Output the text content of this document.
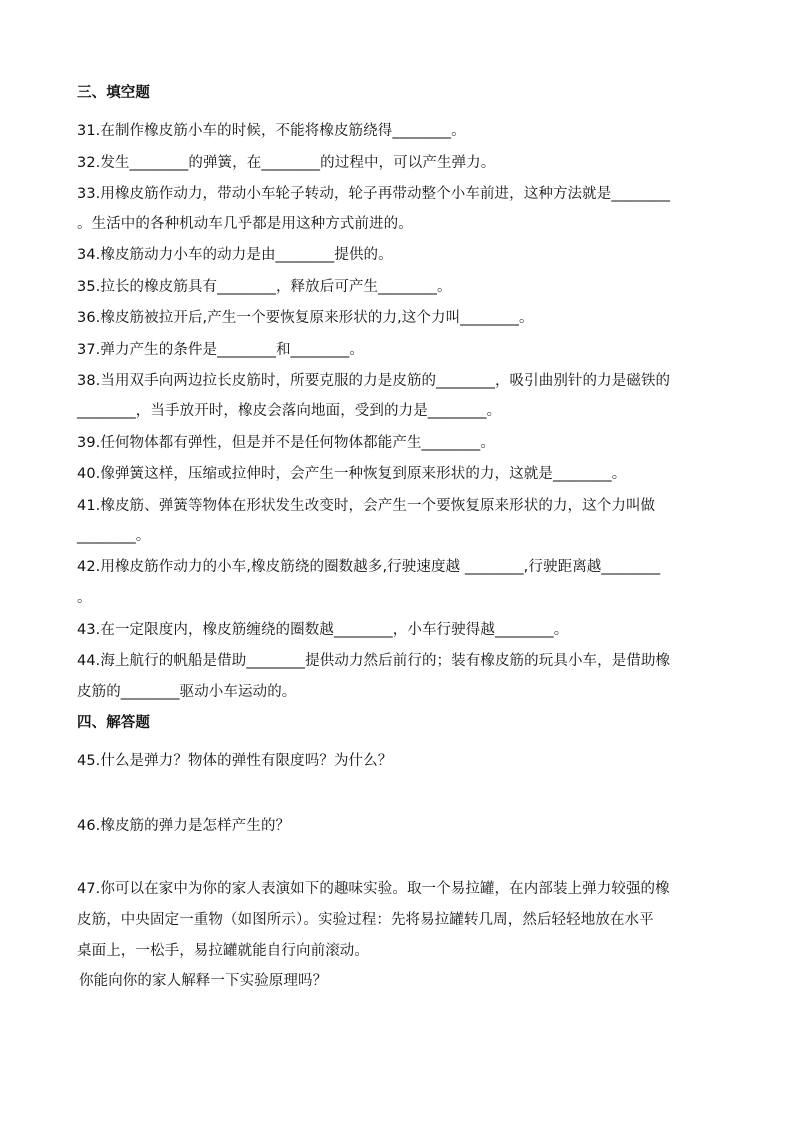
三、填空题
31.在制作橡皮筋小车的时候，不能将橡皮筋绕得________。
32.发生________的弹簧，在________的过程中，可以产生弹力。
33.用橡皮筋作动力，带动小车轮子转动，轮子再带动整个小车前进，这种方法就是________
。生活中的各种机动车几乎都是用这种方式前进的。
34.橡皮筋动力小车的动力是由________提供的。
35.拉长的橡皮筋具有________，释放后可产生________。
36.橡皮筋被拉开后,产生一个要恢复原来形状的力,这个力叫________。
37.弹力产生的条件是________和________。
38.当用双手向两边拉长皮筋时，所要克服的力是皮筋的________，吸引曲别针的力是磁铁的
________，当手放开时，橡皮会落向地面，受到的力是________。
39.任何物体都有弹性，但是并不是任何物体都能产生________。
40.像弹簧这样，压缩或拉伸时，会产生一种恢复到原来形状的力，这就是________。
41.橡皮筋、弹簧等物体在形状发生改变时，会产生一个要恢复原来形状的力，这个力叫做
________。
42.用橡皮筋作动力的小车,橡皮筋绕的圈数越多,行驶速度越 ________,行驶距离越________
。
43.在一定限度内，橡皮筋缠绕的圈数越________，小车行驶得越________。
44.海上航行的帆船是借助________提供动力然后前行的；装有橡皮筋的玩具小车，是借助橡
皮筋的________驱动小车运动的。
四、解答题
45.什么是弹力？物体的弹性有限度吗？为什么？
46.橡皮筋的弹力是怎样产生的？
47.你可以在家中为你的家人表演如下的趣味实验。取一个易拉罐，在内部装上弹力较强的橡
皮筋，中央固定一重物（如图所示）。实验过程：先将易拉罐转几周，然后轻轻地放在水平
桌面上，一松手，易拉罐就能自行向前滚动。
你能向你的家人解释一下实验原理吗？
